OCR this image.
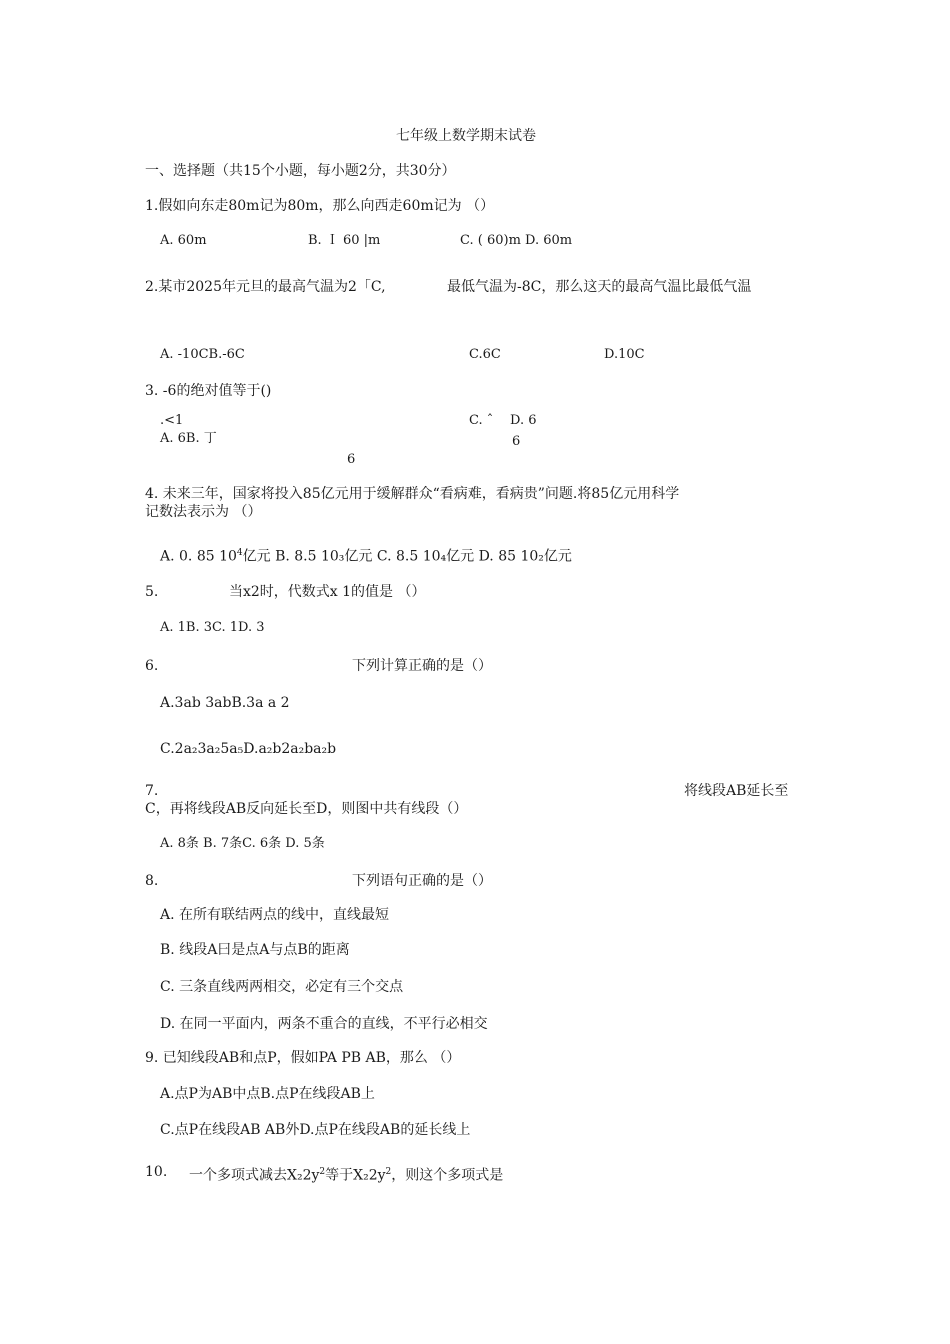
七年级上数学期末试卷
一、选择题（共15个小题，每小题2分，共30分）
1.假如向东走80m记为80m，那么向西走60m记为 （）
A. 60m	B. Ｉ 60 |m	C. ( 60)m D. 60m
2.某市2025年元旦的最高气温为2「C,	最低气温为-8C，那么这天的最高气温比最低气温
A. -10CB.-6C	C.6C	D.10C
3. -6的绝对值等于()
.<1
A. 6B. 丁
6
C. ˆ D. 6
6
4. 未来三年，国家将投入85亿元用于缓解群众“看病难，看病贵”问题.将85亿元用科学
记数法表示为 （）
A. 0. 85 $10^4$亿元 B. 8.5 10₃亿元 C. 8.5 10₄亿元 D. 85 10₂亿元
5.	当x2时，代数式x 1的值是 （）
A. 1B. 3C. 1D. 3
6.	下列计算正确的是（）
A.3ab 3abB.3a a 2
C.2a₂3a₂5a₅D.a₂b2a₂ba₂b
7.	将线段AB延长至
C，再将线段AB反向延长至D，则图中共有线段（）
A. 8条 B. 7条C. 6条 D. 5条
8.	下列语句正确的是（）
A. 在所有联结两点的线中，直线最短
B. 线段A曰是点A与点B的距离
C. 三条直线两两相交，必定有三个交点
D. 在同一平面内，两条不重合的直线，不平行必相交
9. 已知线段AB和点P，假如PA PB AB，那么 （）
A.点P为AB中点B.点P在线段AB上
C.点P在线段AB AB外D.点P在线段AB的延长线上
10. 一个多项式减去$X_22y^2$等于$X_22y^2$，则这个多项式是
